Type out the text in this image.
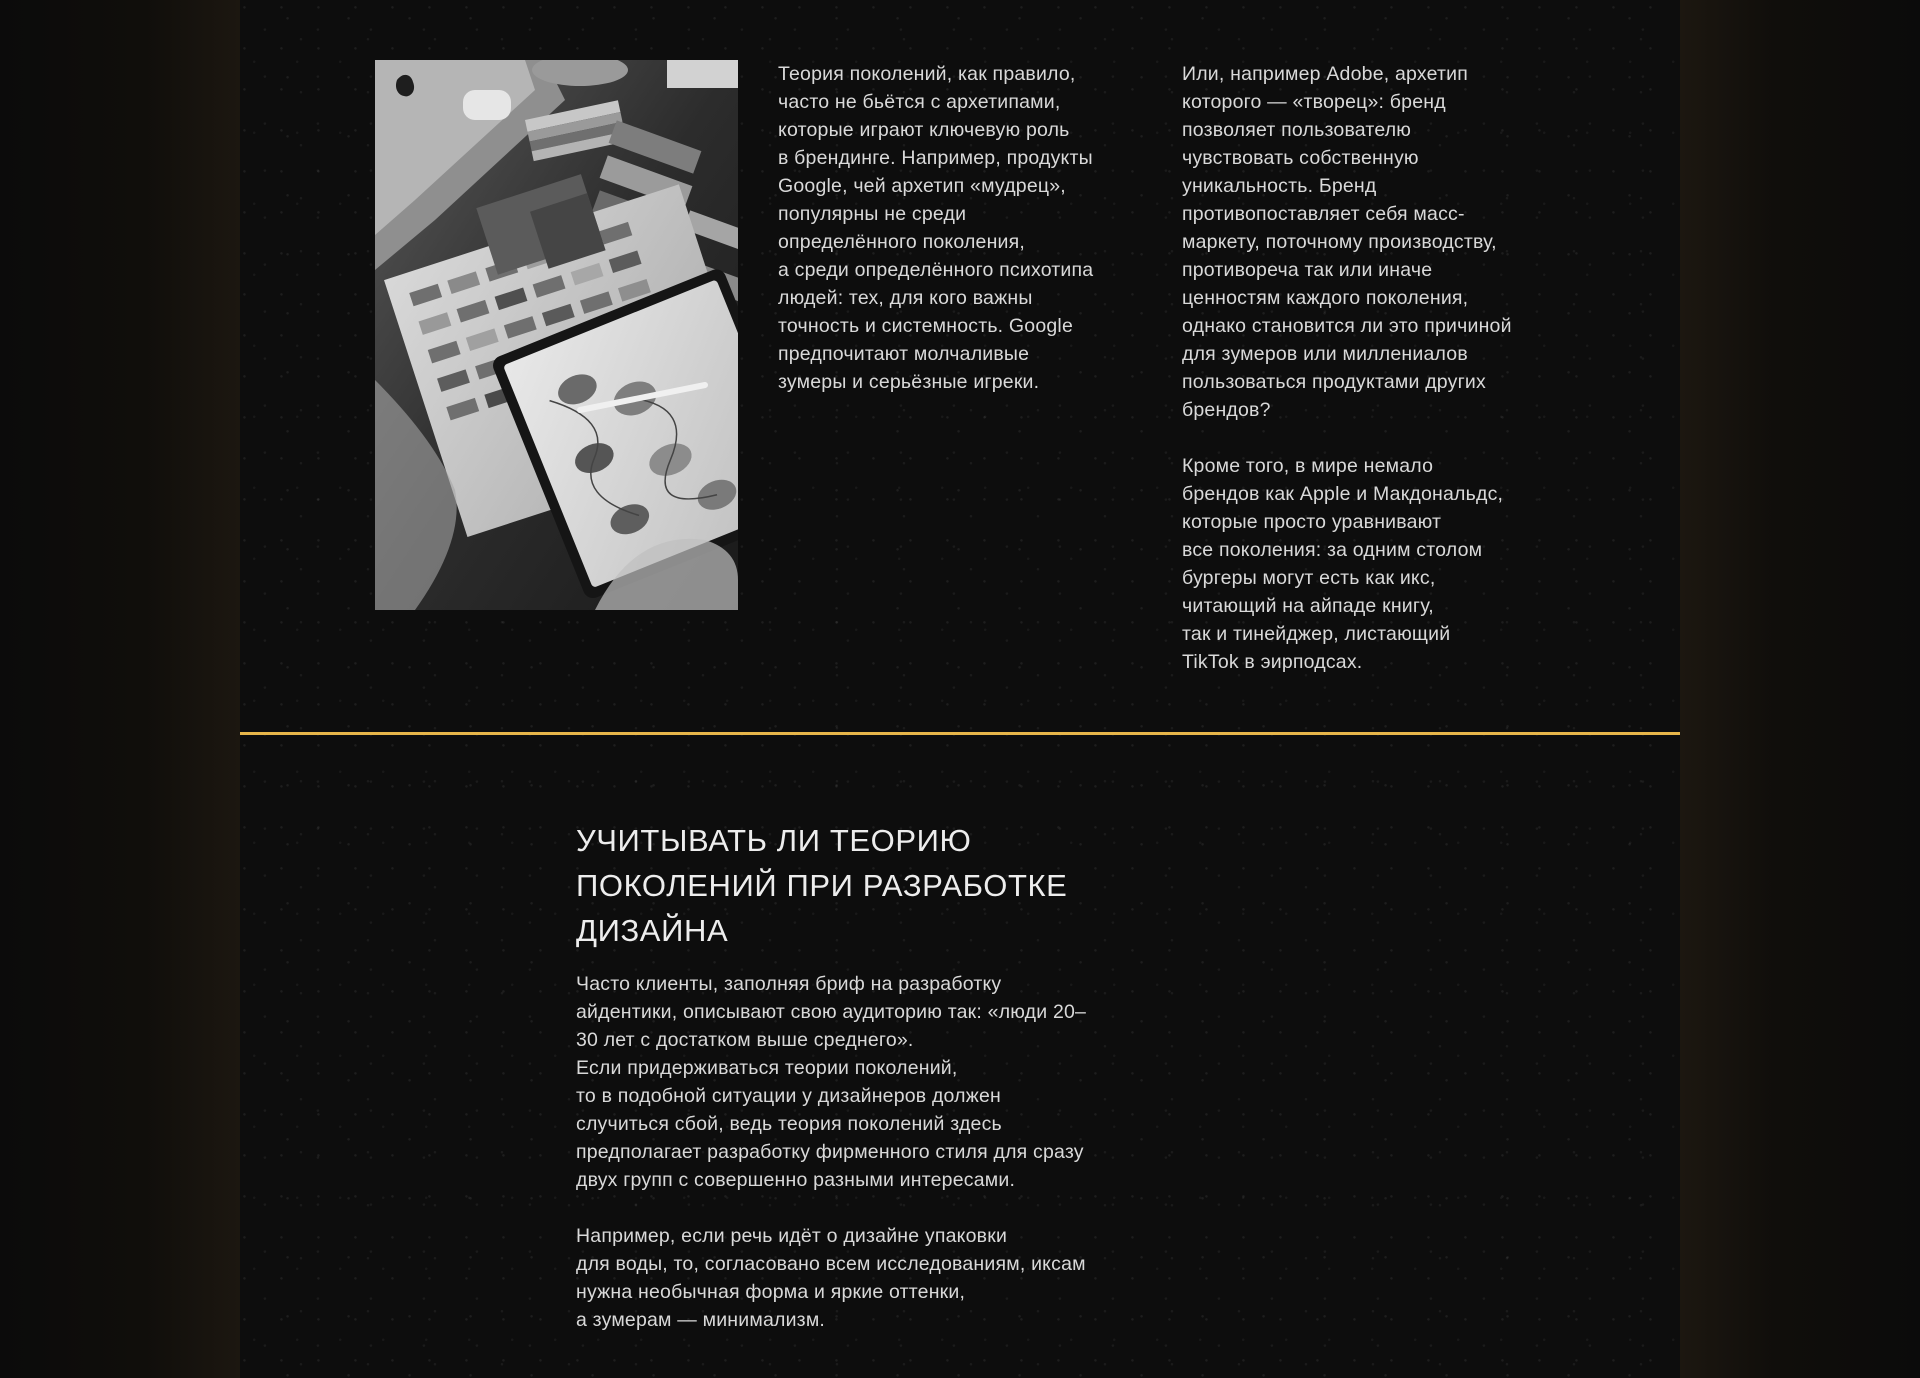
Теория поколений, как правило,
часто не бьётся с архетипами,
которые играют ключевую роль
в брендинге. Например, продукты
Google, чей архетип «мудрец»,
популярны не среди
определённого поколения,
а среди определённого психотипа
людей: тех, для кого важны
точность и системность. Google
предпочитают молчаливые
зумеры и серьёзные игреки.
Или, например Adobe, архетип
которого — «творец»: бренд
позволяет пользователю
чувствовать собственную
уникальность. Бренд
противопоставляет себя масс-
маркету, поточному производству,
противореча так или иначе
ценностям каждого поколения,
однако становится ли это причиной
для зумеров или миллениалов
пользоваться продуктами других
брендов?

Кроме того, в мире немало
брендов как Apple и Макдональдс,
которые просто уравнивают
все поколения: за одним столом
бургеры могут есть как икс,
читающий на айпаде книгу,
так и тинейджер, листающий
TikTok в эирподсах.
УЧИТЫВАТЬ ЛИ ТЕОРИЮ
ПОКОЛЕНИЙ ПРИ РАЗРАБОТКЕ
ДИЗАЙНА
Часто клиенты, заполняя бриф на разработку
айдентики, описывают свою аудиторию так: «люди 20–
30 лет с достатком выше среднего».
Если придерживаться теории поколений,
то в подобной ситуации у дизайнеров должен
случиться сбой, ведь теория поколений здесь
предполагает разработку фирменного стиля для сразу
двух групп с совершенно разными интересами.

Например, если речь идёт о дизайне упаковки
для воды, то, согласовано всем исследованиям, иксам
нужна необычная форма и яркие оттенки,
а зумерам — минимализм.
